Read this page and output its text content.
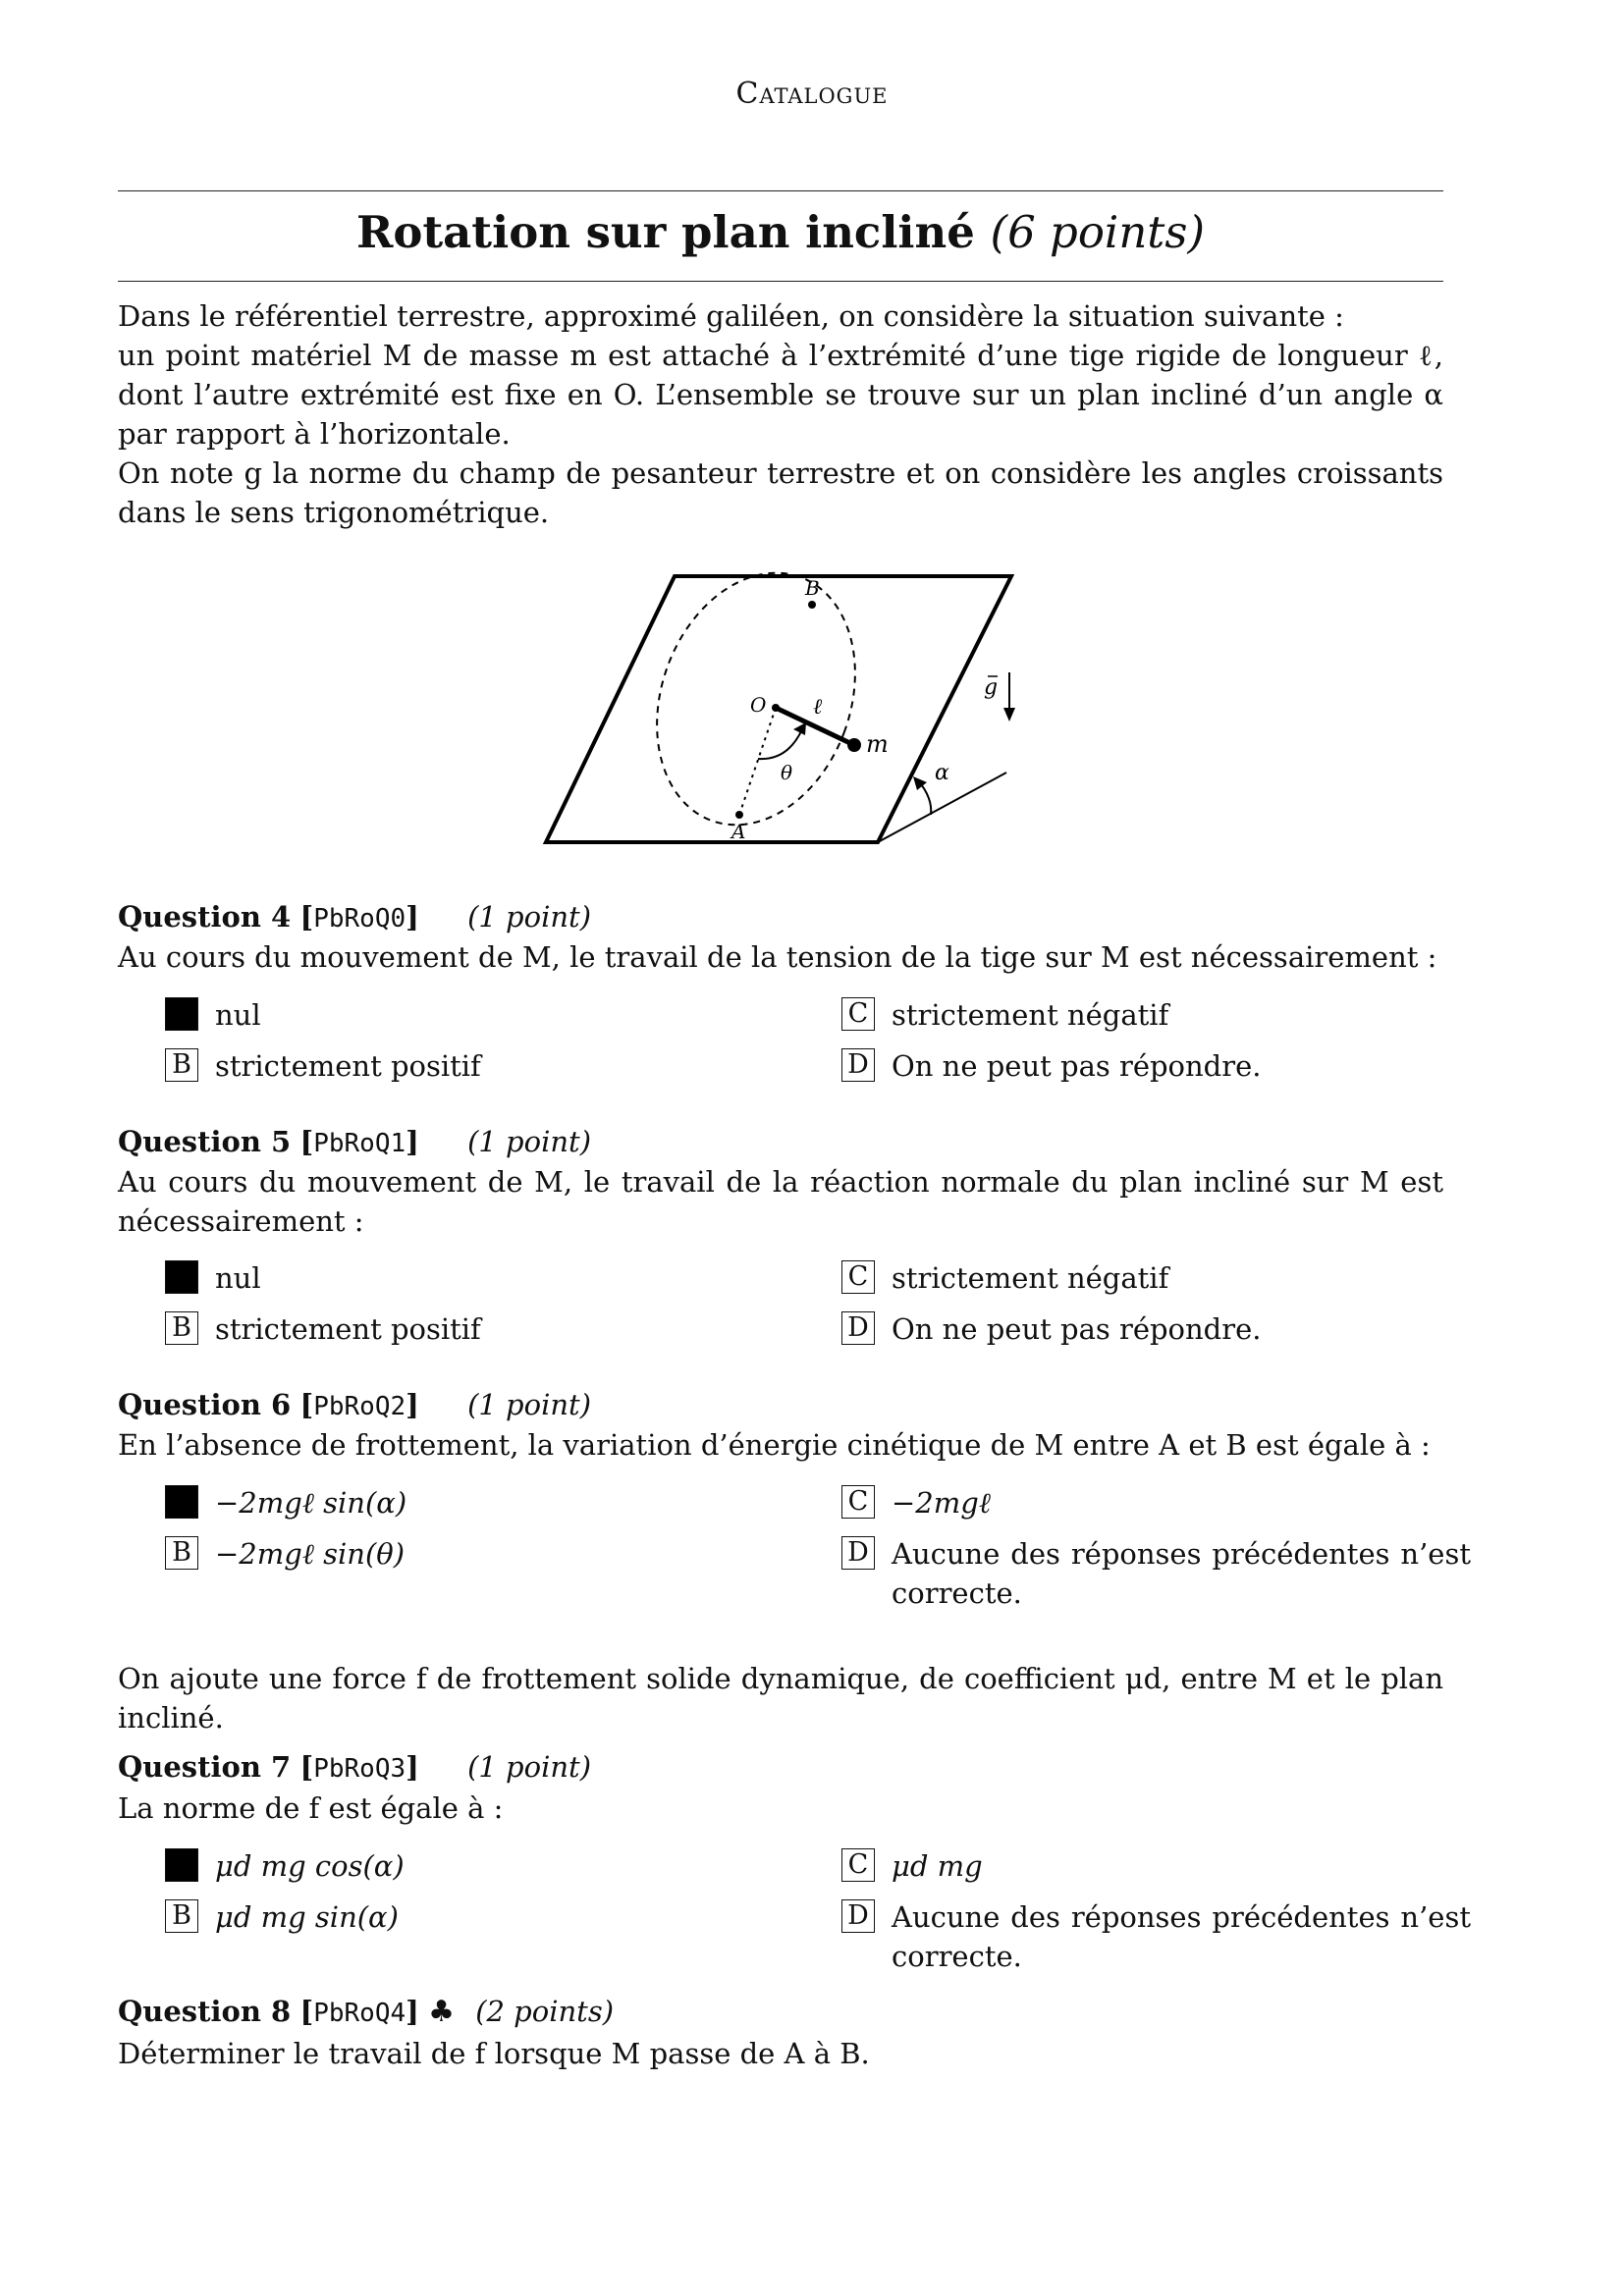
Catalogue
Rotation sur plan incliné (6 points)

Dans le référentiel terrestre, approximé galiléen, on considère la situation suivante :

un point matériel M de masse m est attaché à l’extrémité d’une tige rigide de longueur ℓ, dont l’autre extrémité est fixe en O. L’ensemble se trouve sur un plan incliné d’un angle α par rapport à l’horizontale.

On note g la norme du champ de pesanteur terrestre et on considère les angles croissants dans le sens trigonométrique.

B
O ℓ
m
θ
A
g
α
Question 4 [PbRoQ0] (1 point)
Au cours du mouvement de M, le travail de la tension de la tige sur M est nécessairement :
nul
B strictement positif
C strictement négatif
D On ne peut pas répondre.
Question 5 [PbRoQ1] (1 point)
Au cours du mouvement de M, le travail de la réaction normale du plan incliné sur M est nécessairement :
nul
B strictement positif
C strictement négatif
D On ne peut pas répondre.
Question 6 [PbRoQ2] (1 point)
En l’absence de frottement, la variation d’énergie cinétique de M entre A et B est égale à :
−2mgℓ sin(α)
B −2mgℓ sin(θ)
C −2mgℓ
D Aucune des réponses précédentes n’est correcte.
On ajoute une force f de frottement solide dynamique, de coefficient μd, entre M et le plan incliné.
Question 7 [PbRoQ3] (1 point)
La norme de f est égale à :
μd mg cos(α)
B μd mg sin(α)
C μd mg
D Aucune des réponses précédentes n’est correcte.
Question 8 [PbRoQ4] ♣ (2 points)
Déterminer le travail de f lorsque M passe de A à B.
